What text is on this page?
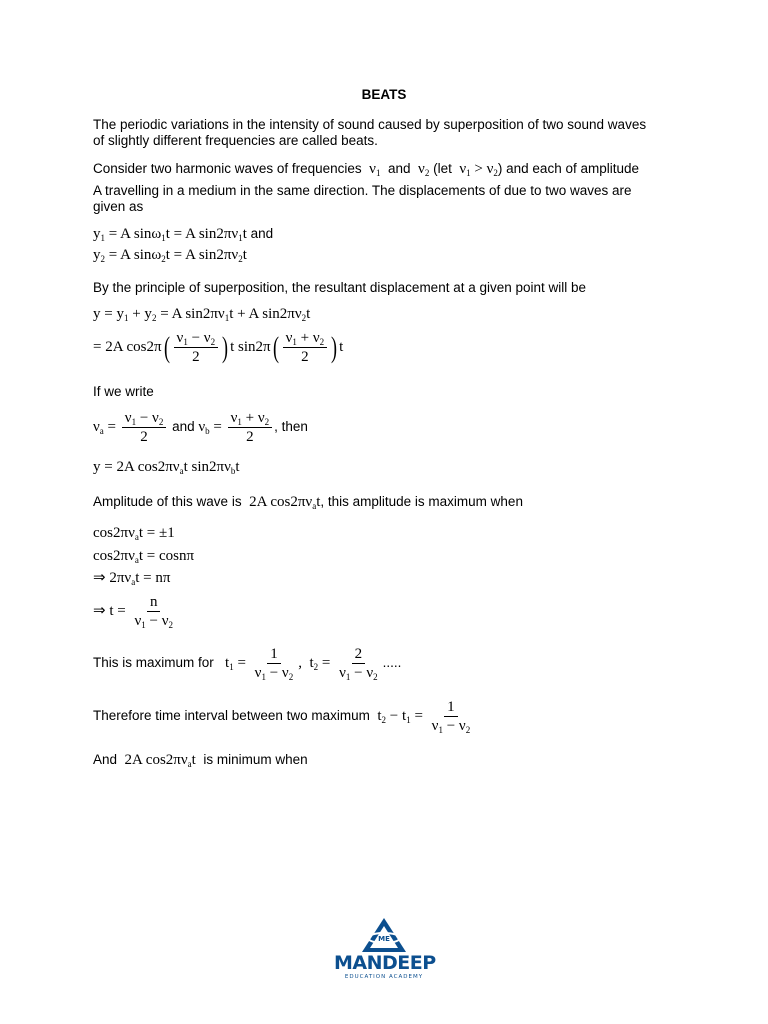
BEATS
The periodic variations in the intensity of sound caused by superposition of two sound waves
of slightly different frequencies are called beats.
Consider two harmonic waves of frequencies  $\nu_1$ and  $\nu_2$ (let  $\nu_1 > \nu_2$) and each of amplitude
A travelling in a medium in the same direction. The displacements of due to two waves are
given as
$y_1 = A$ sinω$_1$t = A $\sin 2\pi\nu_1t$ and
$y_2 = A$ sinω$_2$t = A $\sin 2\pi\nu_2t$
By the principle of superposition, the resultant displacement at a given point will be
$y = y_1 + y_2 = A$ $\sin 2\pi\nu_1t + A$ $\sin 2\pi\nu_2t$
= 2A $\cos 2\pi( \frac{\nu_1 - \nu_2}{2}$ ) t $\sin 2\pi( \frac{\nu_1 + \nu_2}{2}$ ) t
If we write
$\nu_a = \frac{\nu_1 - \nu_2}{2}$ and $\nu_b = \frac{\nu_1 + \nu_2}{2}$ , then
y = 2A $\cos 2\pi\nu_at$ $\sin 2\pi\nu_bt$
Amplitude of this wave is  2A $\cos 2\pi\nu_at$, this amplitude is maximum when
$\cos 2\pi\nu_at = \pm 1$
$\cos 2\pi\nu_at = \cos n\pi$
⇒ $2\pi\nu_at = n\pi$
⇒ $t = \frac{n}{\nu_1 - \nu_2}$
This is maximum for   $t_1 = \frac{1}{\nu_1 - \nu_2}$ ,  $t_2 = \frac{2}{\nu_1 - \nu_2}$ .....
Therefore time interval between two maximum  $t_2 - t_1 = \frac{1}{\nu_1 - \nu_2}$
And  2A $\cos 2\pi\nu_at$  is minimum when
ME
MANDEEP
EDUCATION ACADEMY
